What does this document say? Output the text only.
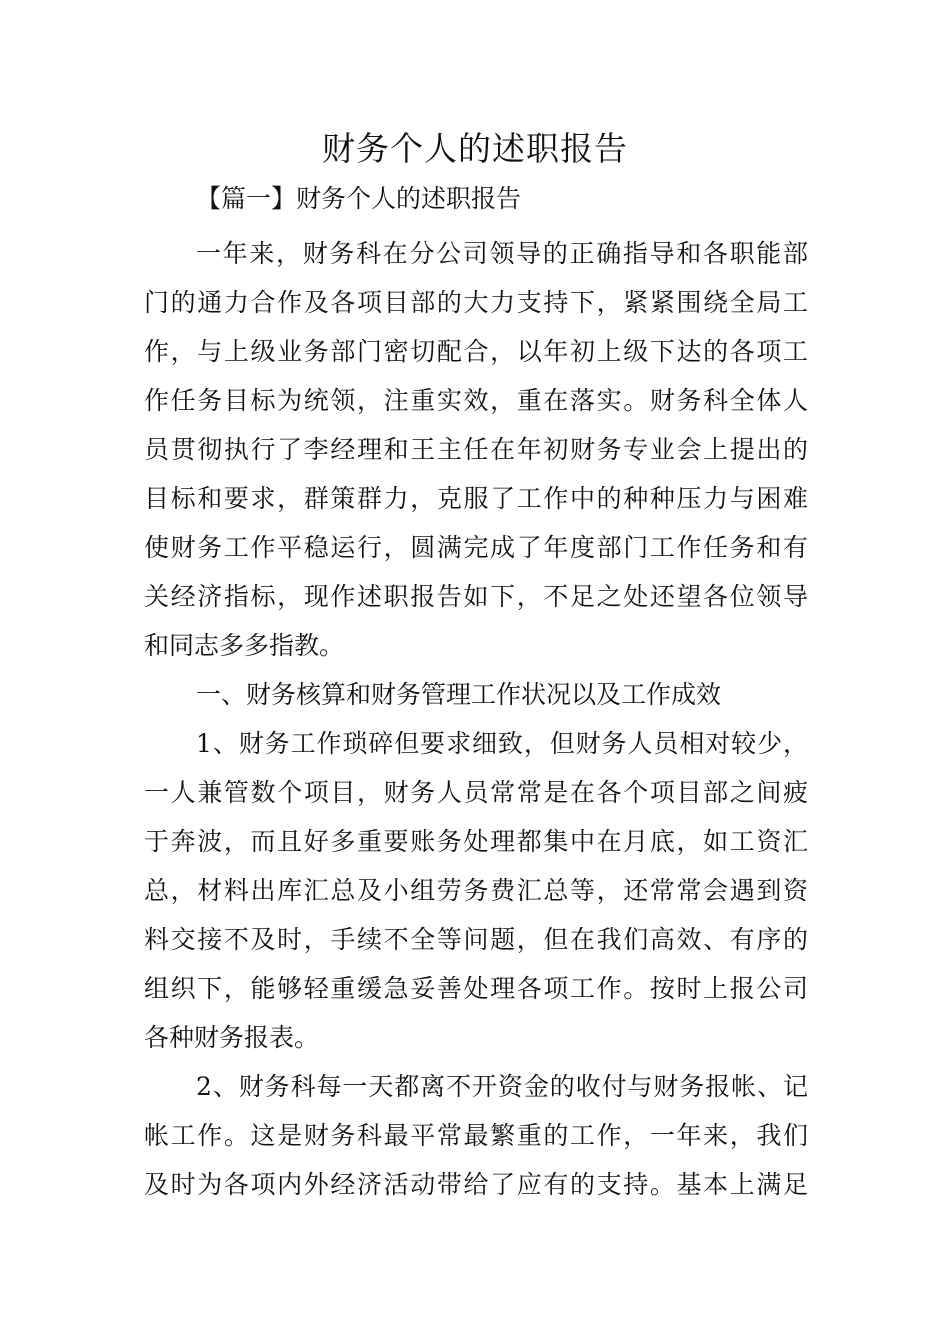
财务个人的述职报告
【篇一】财务个人的述职报告
一年来，财务科在分公司领导的正确指导和各职能部
门的通力合作及各项目部的大力支持下，紧紧围绕全局工
作，与上级业务部门密切配合，以年初上级下达的各项工
作任务目标为统领，注重实效，重在落实。财务科全体人
员贯彻执行了李经理和王主任在年初财务专业会上提出的
目标和要求，群策群力，克服了工作中的种种压力与困难
使财务工作平稳运行，圆满完成了年度部门工作任务和有
关经济指标，现作述职报告如下，不足之处还望各位领导
和同志多多指教。
一、财务核算和财务管理工作状况以及工作成效
1、财务工作琐碎但要求细致，但财务人员相对较少，
一人兼管数个项目，财务人员常常是在各个项目部之间疲
于奔波，而且好多重要账务处理都集中在月底，如工资汇
总，材料出库汇总及小组劳务费汇总等，还常常会遇到资
料交接不及时，手续不全等问题，但在我们高效、有序的
组织下，能够轻重缓急妥善处理各项工作。按时上报公司
各种财务报表。
2、财务科每一天都离不开资金的收付与财务报帐、记
帐工作。这是财务科最平常最繁重的工作，一年来，我们
及时为各项内外经济活动带给了应有的支持。基本上满足
